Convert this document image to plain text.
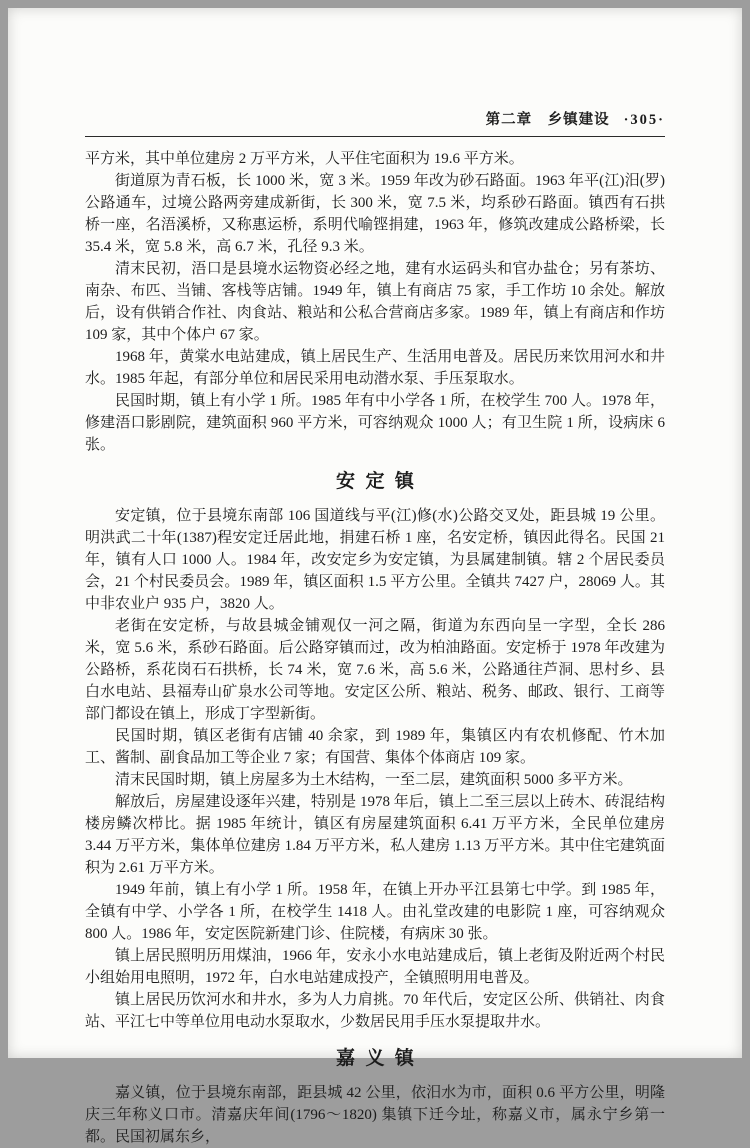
第二章　乡镇建设 ·305·

平方米，其中单位建房 2 万平方米，人平住宅面积为 19.6 平方米。

街道原为青石板，长 1000 米，宽 3 米。1959 年改为砂石路面。1963 年平(江)汨(罗)公路通车，过境公路两旁建成新街，长 300 米，宽 7.5 米，均系砂石路面。镇西有石拱桥一座，名浯溪桥，又称惠运桥，系明代喻铿捐建，1963 年，修筑改建成公路桥梁，长 35.4 米，宽 5.8 米，高 6.7 米，孔径 9.3 米。

清末民初，浯口是县境水运物资必经之地，建有水运码头和官办盐仓；另有茶坊、南杂、布匹、当铺、客栈等店铺。1949 年，镇上有商店 75 家，手工作坊 10 余处。解放后，设有供销合作社、肉食站、粮站和公私合营商店多家。1989 年，镇上有商店和作坊 109 家，其中个体户 67 家。

1968 年，黄棠水电站建成，镇上居民生产、生活用电普及。居民历来饮用河水和井水。1985 年起，有部分单位和居民采用电动潜水泵、手压泵取水。

民国时期，镇上有小学 1 所。1985 年有中小学各 1 所，在校学生 700 人。1978 年，修建浯口影剧院，建筑面积 960 平方米，可容纳观众 1000 人；有卫生院 1 所，设病床 6 张。

安定镇

安定镇，位于县境东南部 106 国道线与平(江)修(水)公路交叉处，距县城 19 公里。明洪武二十年(1387)程安定迁居此地，捐建石桥 1 座，名安定桥，镇因此得名。民国 21 年，镇有人口 1000 人。1984 年，改安定乡为安定镇，为县属建制镇。辖 2 个居民委员会，21 个村民委员会。1989 年，镇区面积 1.5 平方公里。全镇共 7427 户，28069 人。其中非农业户 935 户，3820 人。

老街在安定桥，与故县城金铺观仅一河之隔，街道为东西向呈一字型，全长 286 米，宽 5.6 米，系砂石路面。后公路穿镇而过，改为柏油路面。安定桥于 1978 年改建为公路桥，系花岗石石拱桥，长 74 米，宽 7.6 米，高 5.6 米，公路通往芦洞、思村乡、县白水电站、县福寿山矿泉水公司等地。安定区公所、粮站、税务、邮政、银行、工商等部门都设在镇上，形成丁字型新街。

民国时期，镇区老街有店铺 40 余家，到 1989 年，集镇区内有农机修配、竹木加工、酱制、副食品加工等企业 7 家；有国营、集体个体商店 109 家。

清末民国时期，镇上房屋多为土木结构，一至二层，建筑面积 5000 多平方米。

解放后，房屋建设逐年兴建，特别是 1978 年后，镇上二至三层以上砖木、砖混结构楼房鳞次栉比。据 1985 年统计，镇区有房屋建筑面积 6.41 万平方米，全民单位建房 3.44 万平方米，集体单位建房 1.84 万平方米，私人建房 1.13 万平方米。其中住宅建筑面积为 2.61 万平方米。

1949 年前，镇上有小学 1 所。1958 年，在镇上开办平江县第七中学。到 1985 年，全镇有中学、小学各 1 所，在校学生 1418 人。由礼堂改建的电影院 1 座，可容纳观众 800 人。1986 年，安定医院新建门诊、住院楼，有病床 30 张。

镇上居民照明历用煤油，1966 年，安永小水电站建成后，镇上老街及附近两个村民小组始用电照明，1972 年，白水电站建成投产，全镇照明用电普及。

镇上居民历饮河水和井水，多为人力肩挑。70 年代后，安定区公所、供销社、肉食站、平江七中等单位用电动水泵取水，少数居民用手压水泵提取井水。

嘉义镇

嘉义镇，位于县境东南部，距县城 42 公里，依汨水为市，面积 0.6 平方公里，明隆庆三年称义口市。清嘉庆年间(1796～1820) 集镇下迁今址，称嘉义市，属永宁乡第一都。民国初属东乡，
